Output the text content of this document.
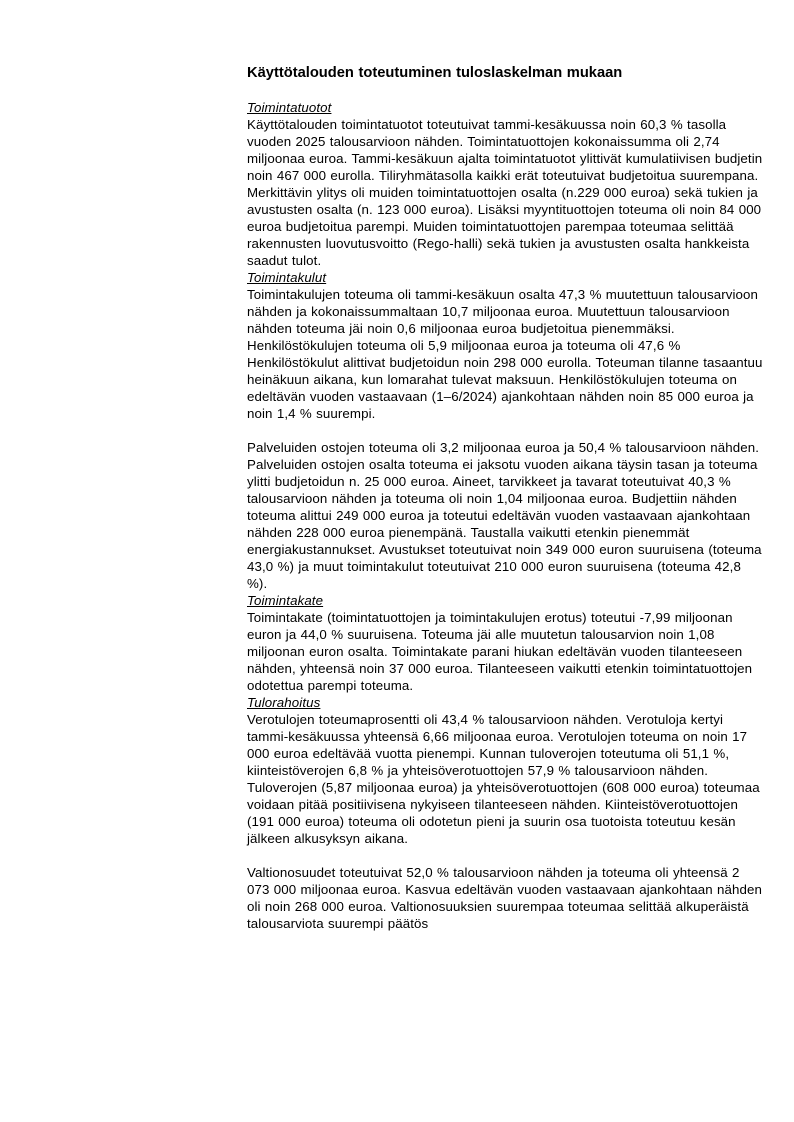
Käyttötalouden toteutuminen tuloslaskelman mukaan
Toimintatuotot

Käyttötalouden toimintatuotot toteutuivat tammi-kesäkuussa noin 60,3 % tasolla vuoden 2025 talousarvioon nähden. Toimintatuottojen kokonaissumma oli 2,74 miljoonaa euroa. Tammi-kesäkuun ajalta toimintatuotot ylittivät kumulatiivisen budjetin noin 467 000 eurolla. Tiliryhmätasolla kaikki erät toteutuivat budjetoitua suurempana. Merkittävin ylitys oli muiden toimintatuottojen osalta (n.229 000 euroa) sekä tukien ja avustusten osalta (n. 123 000 euroa). Lisäksi myyntituottojen toteuma oli noin 84 000 euroa budjetoitua parempi. Muiden toimintatuottojen parempaa toteumaa selittää rakennusten luovutusvoitto (Rego-halli) sekä tukien ja avustusten osalta hankkeista saadut tulot.

Toimintakulut

Toimintakulujen toteuma oli tammi-kesäkuun osalta 47,3 % muutettuun talousarvioon nähden ja kokonaissummaltaan 10,7 miljoonaa euroa. Muutettuun talousarvioon nähden toteuma jäi noin 0,6 miljoonaa euroa budjetoitua pienemmäksi. Henkilöstökulujen toteuma oli 5,9 miljoonaa euroa ja toteuma oli 47,6 % Henkilöstökulut alittivat budjetoidun noin 298 000 eurolla. Toteuman tilanne tasaantuu heinäkuun aikana, kun lomarahat tulevat maksuun. Henkilöstökulujen toteuma on edeltävän vuoden vastaavaan (1–6/2024) ajankohtaan nähden noin 85 000 euroa ja noin 1,4 % suurempi.

Palveluiden ostojen toteuma oli 3,2 miljoonaa euroa ja 50,4 % talousarvioon nähden. Palveluiden ostojen osalta toteuma ei jaksotu vuoden aikana täysin tasan ja toteuma ylitti budjetoidun n. 25 000 euroa. Aineet, tarvikkeet ja tavarat toteutuivat 40,3 % talousarvioon nähden ja toteuma oli noin 1,04 miljoonaa euroa. Budjettiin nähden toteuma alittui 249 000 euroa ja toteutui edeltävän vuoden vastaavaan ajankohtaan nähden 228 000 euroa pienempänä. Taustalla vaikutti etenkin pienemmät energiakustannukset. Avustukset toteutuivat noin 349 000 euron suuruisena (toteuma 43,0 %) ja muut toimintakulut toteutuivat 210 000 euron suuruisena (toteuma 42,8 %).

Toimintakate

Toimintakate (toimintatuottojen ja toimintakulujen erotus) toteutui -7,99 miljoonan euron ja 44,0 % suuruisena. Toteuma jäi alle muutetun talousarvion noin 1,08 miljoonan euron osalta. Toimintakate parani hiukan edeltävän vuoden tilanteeseen nähden, yhteensä noin 37 000 euroa. Tilanteeseen vaikutti etenkin toimintatuottojen odotettua parempi toteuma.

Tulorahoitus

Verotulojen toteumaprosentti oli 43,4 % talousarvioon nähden. Verotuloja kertyi tammi-kesäkuussa yhteensä 6,66 miljoonaa euroa. Verotulojen toteuma on noin 17 000 euroa edeltävää vuotta pienempi. Kunnan tuloverojen toteutuma oli 51,1 %, kiinteistöverojen 6,8 % ja yhteisöverotuottojen 57,9 % talousarvioon nähden. Tuloverojen (5,87 miljoonaa euroa) ja yhteisöverotuottojen (608 000 euroa) toteumaa voidaan pitää positiivisena nykyiseen tilanteeseen nähden. Kiinteistöverotuottojen (191 000 euroa) toteuma oli odotetun pieni ja suurin osa tuotoista toteutuu kesän jälkeen alkusyksyn aikana.

Valtionosuudet toteutuivat 52,0 % talousarvioon nähden ja toteuma oli yhteensä 2 073 000 miljoonaa euroa. Kasvua edeltävän vuoden vastaavaan ajankohtaan nähden oli noin 268 000 euroa. Valtionosuuksien suurempaa toteumaa selittää alkuperäistä talousarviota suurempi päätös
